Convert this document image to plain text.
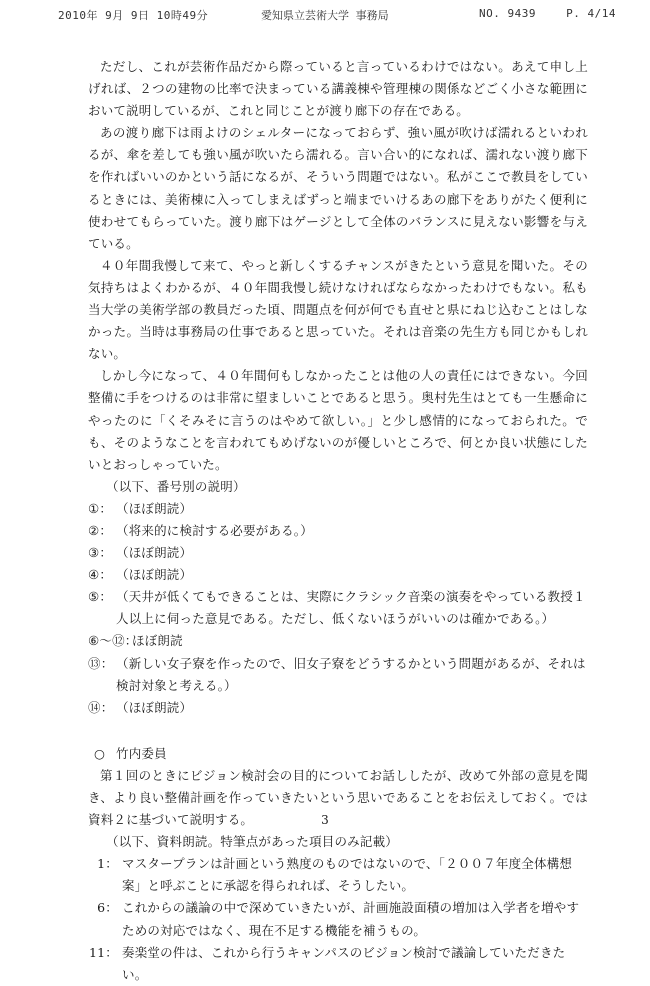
2010年 9月 9日 10時49分	愛知県立芸術大学 事務局	NO. 9439	P. 4/14

ただし、これが芸術作品だから際っていると言っているわけではない。あえて申し上げれば、２つの建物の比率で決まっている講義棟や管理棟の関係などごく小さな範囲において説明しているが、これと同じことが渡り廊下の存在である。

あの渡り廊下は雨よけのシェルターになっておらず、強い風が吹けば濡れるといわれるが、傘を差しても強い風が吹いたら濡れる。言い合い的になれば、濡れない渡り廊下を作ればいいのかという話になるが、そういう問題ではない。私がここで教員をしているときには、美術棟に入ってしまえばずっと端までいけるあの廊下をありがたく便利に使わせてもらっていた。渡り廊下はゲージとして全体のバランスに見えない影響を与えている。

４０年間我慢して来て、やっと新しくするチャンスがきたという意見を聞いた。その気持ちはよくわかるが、４０年間我慢し続けなければならなかったわけでもない。私も当大学の美術学部の教員だった頃、問題点を何が何でも直せと県にねじ込むことはしなかった。当時は事務局の仕事であると思っていた。それは音楽の先生方も同じかもしれない。

しかし今になって、４０年間何もしなかったことは他の人の責任にはできない。今回整備に手をつけるのは非常に望ましいことであると思う。奥村先生はとても一生懸命にやったのに「くそみそに言うのはやめて欲しい。」と少し感情的になっておられた。でも、そのようなことを言われてもめげないのが優しいところで、何とか良い状態にしたいとおっしゃっていた。

（以下、番号別の説明）

①： （ほぼ朗読）

②： （将来的に検討する必要がある。）

③： （ほぼ朗読）

④： （ほぼ朗読）

⑤： （天井が低くてもできることは、実際にクラシック音楽の演奏をやっている教授１人以上に伺った意見である。ただし、低くないほうがいいのは確かである。）

⑥〜⑫：
ほぼ朗読

⑬： （新しい女子寮を作ったので、旧女子寮をどうするかという問題があるが、それは検討対象と考える。）

⑭： （ほぼ朗読）

○ 竹内委員

第１回のときにビジョン検討会の目的についてお話ししたが、改めて外部の意見を聞き、より良い整備計画を作っていきたいという思いであることをお伝えしておく。では資料２に基づいて説明する。

（以下、資料朗読。特筆点があった項目のみ記載）

1： マスタープランは計画という熟度のものではないので、「２００７年度全体構想案」と呼ぶことに承認を得られれば、そうしたい。

6： これからの議論の中で深めていきたいが、計画施設面積の増加は入学者を増やすための対応ではなく、現在不足する機能を補うもの。

11： 奏楽堂の件は、これから行うキャンパスのビジョン検討で議論していただきたい。

3
